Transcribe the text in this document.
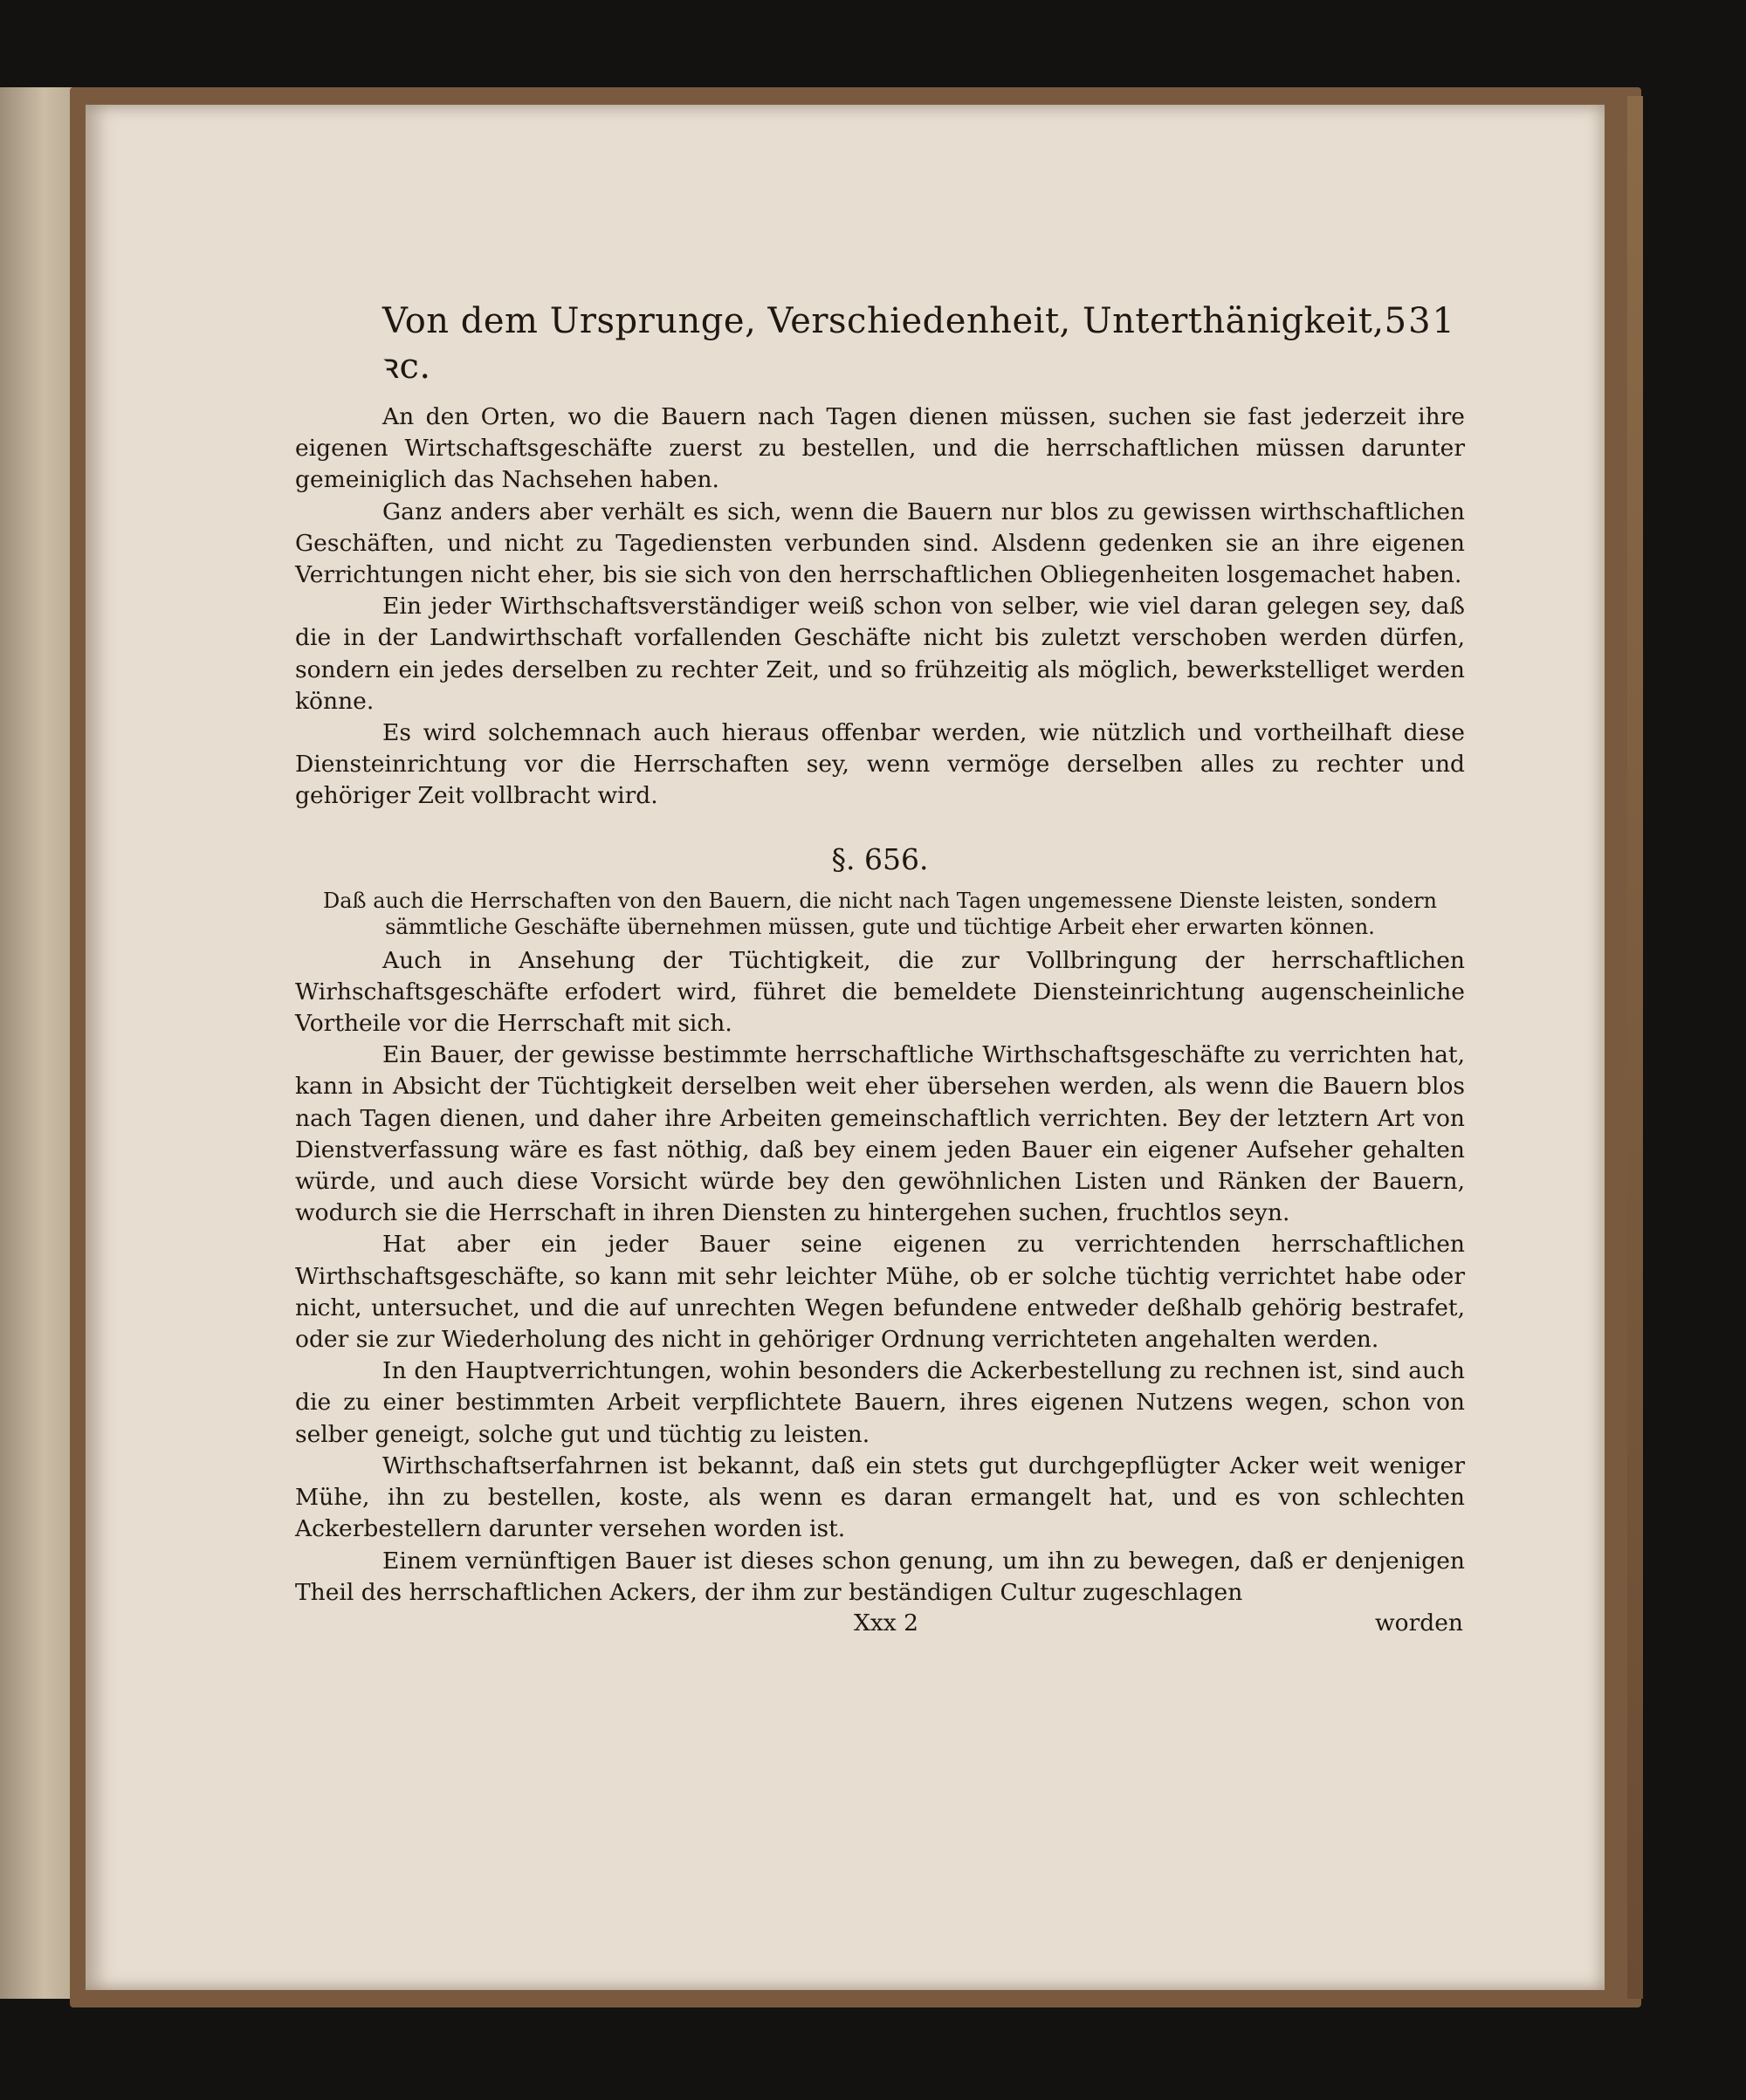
Von dem Ursprunge, Verschiedenheit, Unterthänigkeit, ꝛc.
531

An den Orten, wo die Bauern nach Tagen dienen müssen, suchen sie fast jederzeit ihre eigenen Wirtschaftsgeschäfte zuerst zu bestellen, und die herrschaftlichen müssen darunter gemeiniglich das Nachsehen haben.

Ganz anders aber verhält es sich, wenn die Bauern nur blos zu gewissen wirthschaftlichen Geschäften, und nicht zu Tagediensten verbunden sind. Alsdenn gedenken sie an ihre eigenen Verrichtungen nicht eher, bis sie sich von den herrschaftlichen Obliegenheiten losgemachet haben.

Ein jeder Wirthschaftsverständiger weiß schon von selber, wie viel daran gelegen sey, daß die in der Landwirthschaft vorfallenden Geschäfte nicht bis zuletzt verschoben werden dürfen, sondern ein jedes derselben zu rechter Zeit, und so frühzeitig als möglich, bewerkstelliget werden könne.

Es wird solchemnach auch hieraus offenbar werden, wie nützlich und vortheilhaft diese Diensteinrichtung vor die Herrschaften sey, wenn vermöge derselben alles zu rechter und gehöriger Zeit vollbracht wird.

§. 656.

Daß auch die Herrschaften von den Bauern, die nicht nach Tagen ungemessene Dienste leisten, sondern sämmtliche Geschäfte übernehmen müssen, gute und tüchtige Arbeit eher erwarten können.

Auch in Ansehung der Tüchtigkeit, die zur Vollbringung der herrschaftlichen Wirhschaftsgeschäfte erfodert wird, führet die bemeldete Diensteinrichtung augenscheinliche Vortheile vor die Herrschaft mit sich.

Ein Bauer, der gewisse bestimmte herrschaftliche Wirthschaftsgeschäfte zu verrichten hat, kann in Absicht der Tüchtigkeit derselben weit eher übersehen werden, als wenn die Bauern blos nach Tagen dienen, und daher ihre Arbeiten gemeinschaftlich verrichten. Bey der letztern Art von Dienstverfassung wäre es fast nöthig, daß bey einem jeden Bauer ein eigener Aufseher gehalten würde, und auch diese Vorsicht würde bey den gewöhnlichen Listen und Ränken der Bauern, wodurch sie die Herrschaft in ihren Diensten zu hintergehen suchen, fruchtlos seyn.

Hat aber ein jeder Bauer seine eigenen zu verrichtenden herrschaftlichen Wirthschaftsgeschäfte, so kann mit sehr leichter Mühe, ob er solche tüchtig verrichtet habe oder nicht, untersuchet, und die auf unrechten Wegen befundene entweder deßhalb gehörig bestrafet, oder sie zur Wiederholung des nicht in gehöriger Ordnung verrichteten angehalten werden.

In den Hauptverrichtungen, wohin besonders die Ackerbestellung zu rechnen ist, sind auch die zu einer bestimmten Arbeit verpflichtete Bauern, ihres eigenen Nutzens wegen, schon von selber geneigt, solche gut und tüchtig zu leisten.

Wirthschaftserfahrnen ist bekannt, daß ein stets gut durchgepflügter Acker weit weniger Mühe, ihn zu bestellen, koste, als wenn es daran ermangelt hat, und es von schlechten Ackerbestellern darunter versehen worden ist.

Einem vernünftigen Bauer ist dieses schon genung, um ihn zu bewegen, daß er denjenigen Theil des herrschaftlichen Ackers, der ihm zur beständigen Cultur zugeschlagen

Xxx 2	worden
